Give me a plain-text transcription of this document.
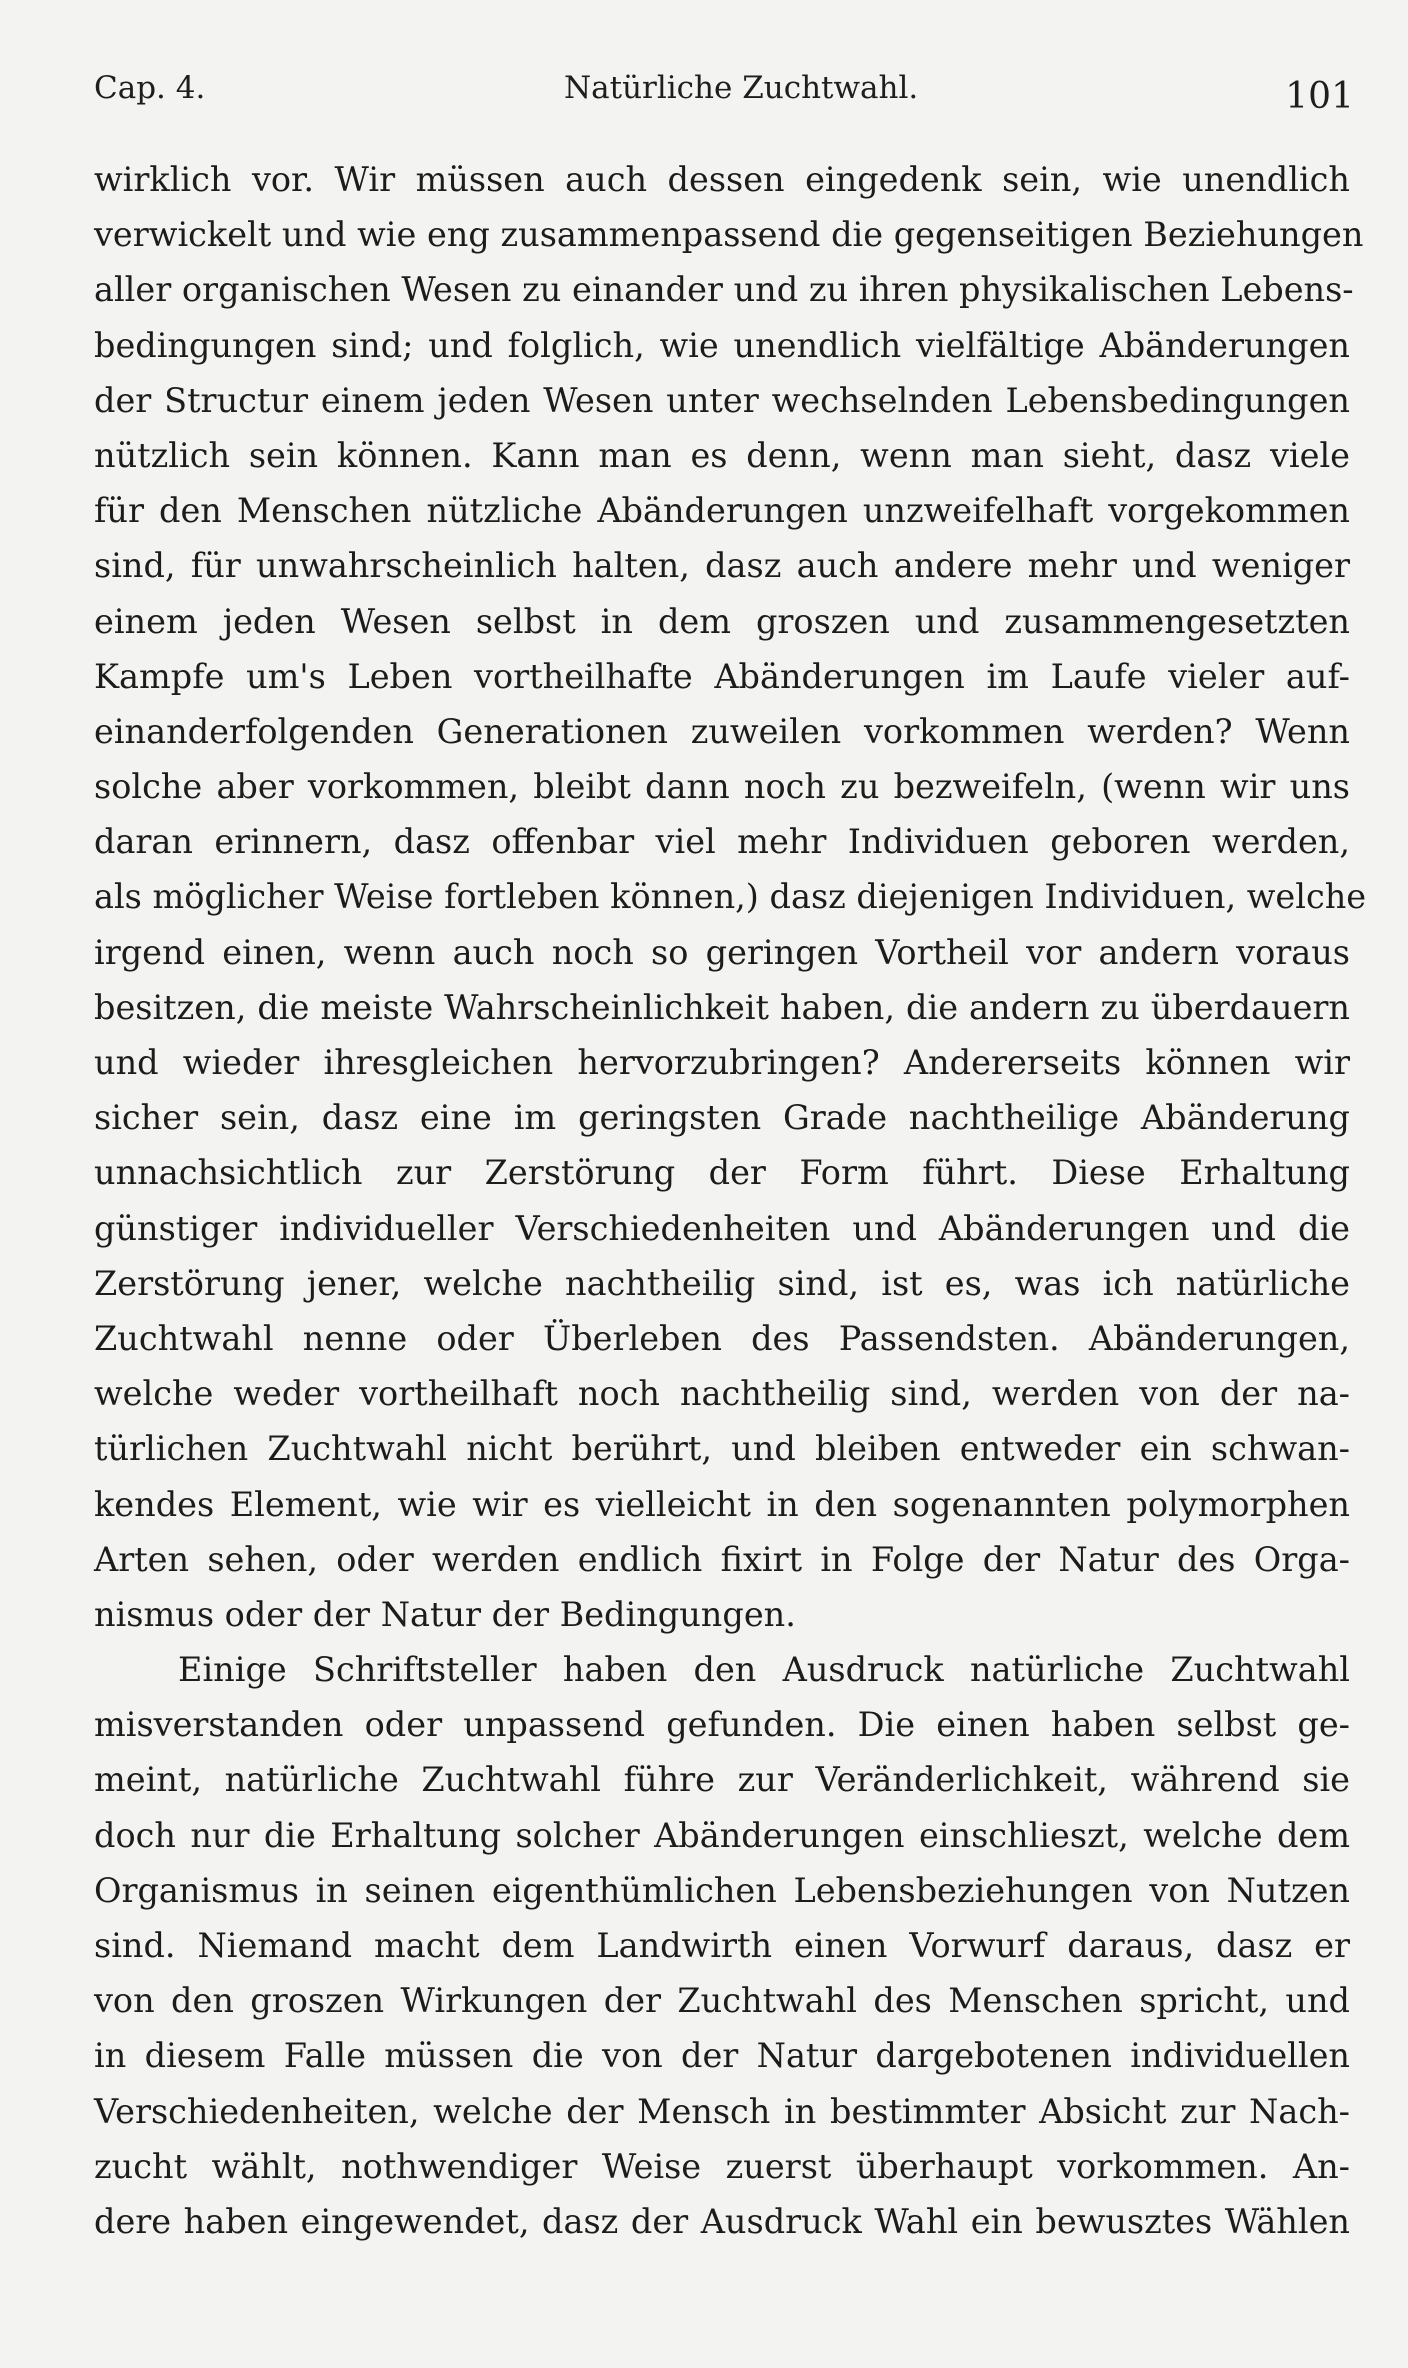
Cap. 4.	Natürliche Zuchtwahl.	101
wirklich vor. Wir müssen auch dessen eingedenk sein, wie unendlich
verwickelt und wie eng zusammenpassend die gegenseitigen Beziehungen
aller organischen Wesen zu einander und zu ihren physikalischen Lebens-
bedingungen sind; und folglich, wie unendlich vielfältige Abänderungen
der Structur einem jeden Wesen unter wechselnden Lebensbedingungen
nützlich sein können. Kann man es denn, wenn man sieht, dasz viele
für den Menschen nützliche Abänderungen unzweifelhaft vorgekommen
sind, für unwahrscheinlich halten, dasz auch andere mehr und weniger
einem jeden Wesen selbst in dem groszen und zusammengesetzten
Kampfe um's Leben vortheilhafte Abänderungen im Laufe vieler auf-
einanderfolgenden Generationen zuweilen vorkommen werden? Wenn
solche aber vorkommen, bleibt dann noch zu bezweifeln, (wenn wir uns
daran erinnern, dasz offenbar viel mehr Individuen geboren werden,
als möglicher Weise fortleben können,) dasz diejenigen Individuen, welche
irgend einen, wenn auch noch so geringen Vortheil vor andern voraus
besitzen, die meiste Wahrscheinlichkeit haben, die andern zu überdauern
und wieder ihresgleichen hervorzubringen? Andererseits können wir
sicher sein, dasz eine im geringsten Grade nachtheilige Abänderung
unnachsichtlich zur Zerstörung der Form führt. Diese Erhaltung
günstiger individueller Verschiedenheiten und Abänderungen und die
Zerstörung jener, welche nachtheilig sind, ist es, was ich natürliche
Zuchtwahl nenne oder Überleben des Passendsten. Abänderungen,
welche weder vortheilhaft noch nachtheilig sind, werden von der na-
türlichen Zuchtwahl nicht berührt, und bleiben entweder ein schwan-
kendes Element, wie wir es vielleicht in den sogenannten polymorphen
Arten sehen, oder werden endlich fixirt in Folge der Natur des Orga-
nismus oder der Natur der Bedingungen.
Einige Schriftsteller haben den Ausdruck natürliche Zuchtwahl
misverstanden oder unpassend gefunden. Die einen haben selbst ge-
meint, natürliche Zuchtwahl führe zur Veränderlichkeit, während sie
doch nur die Erhaltung solcher Abänderungen einschlieszt, welche dem
Organismus in seinen eigenthümlichen Lebensbeziehungen von Nutzen
sind. Niemand macht dem Landwirth einen Vorwurf daraus, dasz er
von den groszen Wirkungen der Zuchtwahl des Menschen spricht, und
in diesem Falle müssen die von der Natur dargebotenen individuellen
Verschiedenheiten, welche der Mensch in bestimmter Absicht zur Nach-
zucht wählt, nothwendiger Weise zuerst überhaupt vorkommen. An-
dere haben eingewendet, dasz der Ausdruck Wahl ein bewusztes Wählen
